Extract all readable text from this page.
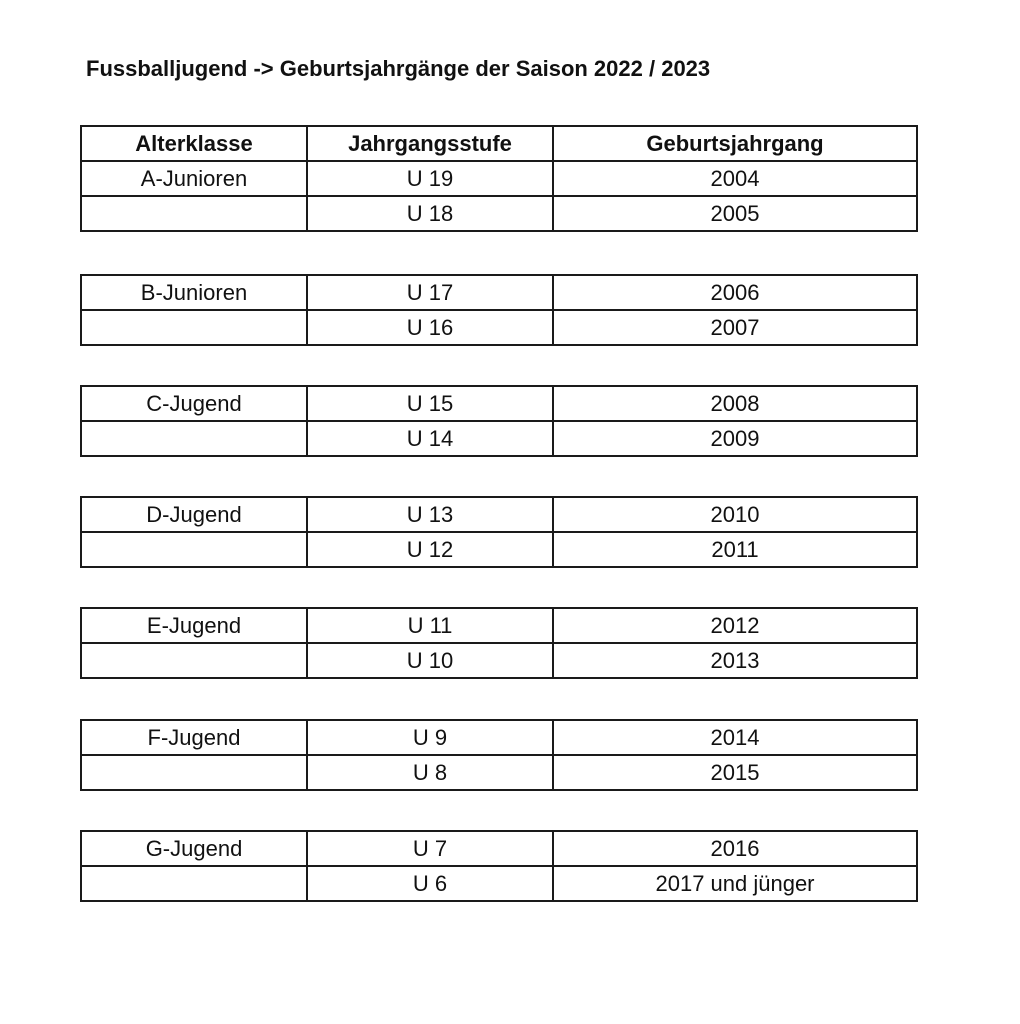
Fussballjugend -> Geburtsjahrgänge der Saison 2022 / 2023
Alterklasse	Jahrgangsstufe	Geburtsjahrgang
A-Junioren	U 19	2004
	U 18	2005
B-Junioren	U 17	2006
	U 16	2007
C-Jugend	U 15	2008
	U 14	2009
D-Jugend	U 13	2010
	U 12	2011
E-Jugend	U 11	2012
	U 10	2013
F-Jugend	U 9	2014
	U 8	2015
G-Jugend	U 7	2016
	U 6	2017 und jünger
